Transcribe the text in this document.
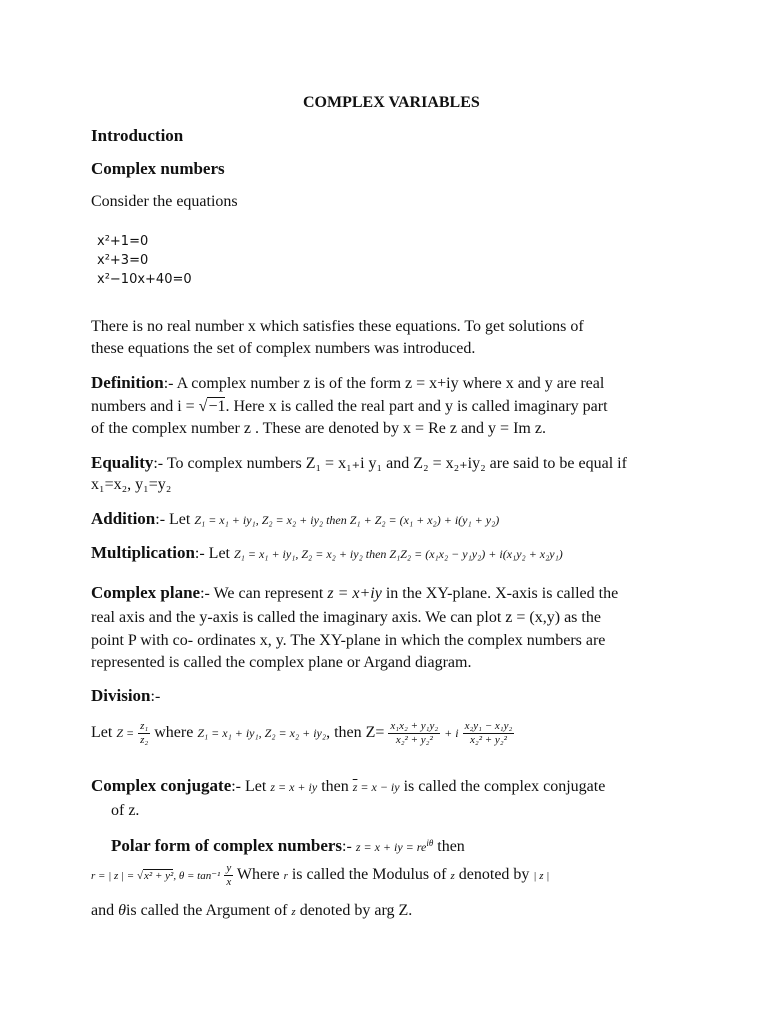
COMPLEX VARIABLES
Introduction
Complex numbers
Consider the equations
x²+1=0
x²+3=0
x²−10x+40=0
There is no real number x which satisfies these equations. To get solutions of
these equations the set of complex numbers was introduced.
Definition:- A complex number z is of the form z = x+iy where x and y are real
numbers and i = √−1. Here x is called the real part and y is called imaginary part
of the complex number z . These are denoted by x = Re z and y = Im z.
Equality:- To complex numbers Z₁ = x₁₊i y₁ and Z₂ = x₂₊iy₂ are said to be equal if
x₁=x₂, y₁=y₂
Addition:- Let Z₁ = x₁ + iy₁, Z₂ = x₂ + iy₂ then Z₁ + Z₂ = (x₁ + x₂) + i(y₁ + y₂)
Multiplication:- Let Z₁ = x₁ + iy₁, Z₂ = x₂ + iy₂ then Z₁Z₂ = (x₁x₂ − y₁y₂) + i(x₁y₂ + x₂y₁)
Complex plane:- We can represent z = x+iy in the XY-plane. X-axis is called the
real axis and the y-axis is called the imaginary axis. We can plot z = (x,y) as the
point P with co- ordinates x, y. The XY-plane in which the complex numbers are
represented is called the complex plane or Argand diagram.
Division:-
Let $Z = \frac{\text{z₁}}{\text{z₂}}$ where Z₁ = x₁ + iy₁, Z₂ = x₂ + iy₂, then $Z= \frac{\text{x₁x₂ + y₁y₂}}{\text{x₂² + y₂²}} + i \frac{\text{x₂y₁ − x₁y₂}}{\text{x₂² + y₂²}}$
Complex conjugate:- Let z = x + iy then $\overline{z} = x$ − iy is called the complex conjugate
of z.
Polar form of complex numbers:- z = x + iy = $re^{i\theta}$ then
r = | z | = √x² + y², $\theta = \tan^{-1} \frac{y}{x}$ Where r is called the Modulus of z denoted by | z |
and θis called the Argument of z denoted by arg Z.
